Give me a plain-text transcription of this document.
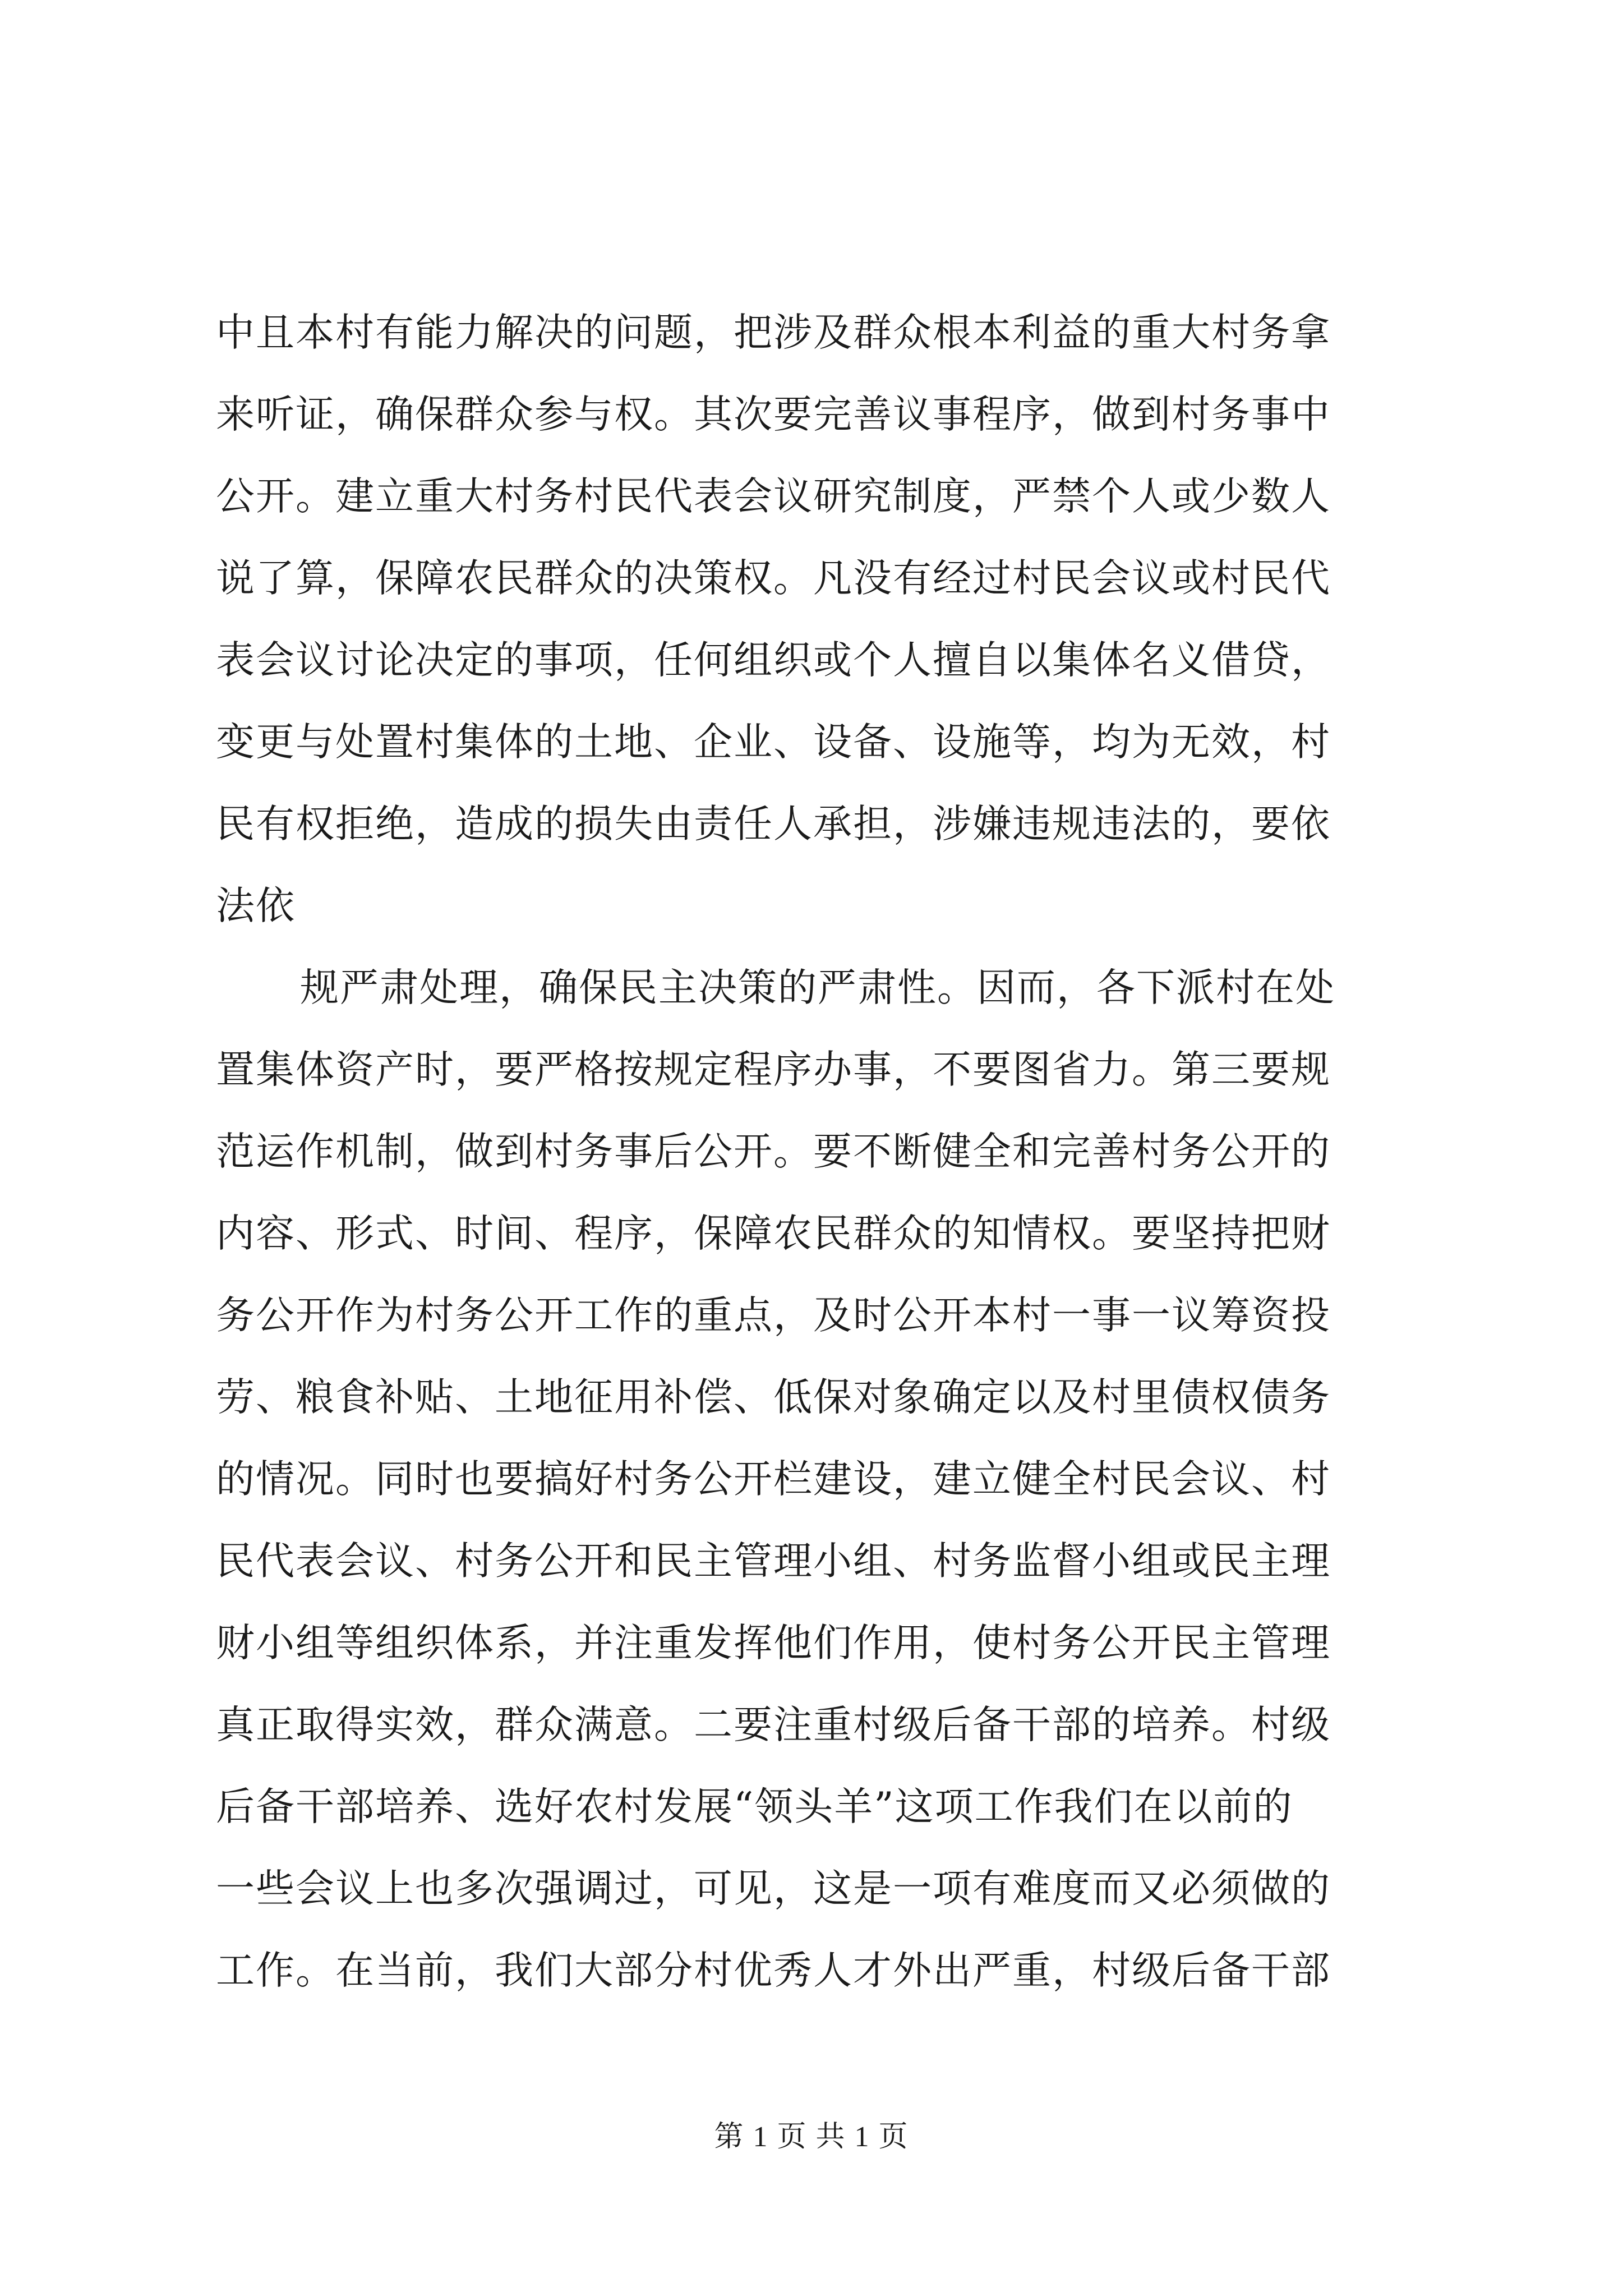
中且本村有能力解决的问题，把涉及群众根本利益的重大村务拿
来听证，确保群众参与权。其次要完善议事程序，做到村务事中
公开。建立重大村务村民代表会议研究制度，严禁个人或少数人
说了算，保障农民群众的决策权。凡没有经过村民会议或村民代
表会议讨论决定的事项，任何组织或个人擅自以集体名义借贷，
变更与处置村集体的土地、企业、设备、设施等，均为无效，村
民有权拒绝，造成的损失由责任人承担，涉嫌违规违法的，要依
法依
规严肃处理，确保民主决策的严肃性。因而，各下派村在处
置集体资产时，要严格按规定程序办事，不要图省力。第三要规
范运作机制，做到村务事后公开。要不断健全和完善村务公开的
内容、形式、时间、程序，保障农民群众的知情权。要坚持把财
务公开作为村务公开工作的重点，及时公开本村一事一议筹资投
劳、粮食补贴、土地征用补偿、低保对象确定以及村里债权债务
的情况。同时也要搞好村务公开栏建设，建立健全村民会议、村
民代表会议、村务公开和民主管理小组、村务监督小组或民主理
财小组等组织体系，并注重发挥他们作用，使村务公开民主管理
真正取得实效，群众满意。二要注重村级后备干部的培养。村级
后备干部培养、选好农村发展“领头羊”这项工作我们在以前的
一些会议上也多次强调过，可见，这是一项有难度而又必须做的
工作。在当前，我们大部分村优秀人才外出严重，村级后备干部
第 1 页 共 1 页
